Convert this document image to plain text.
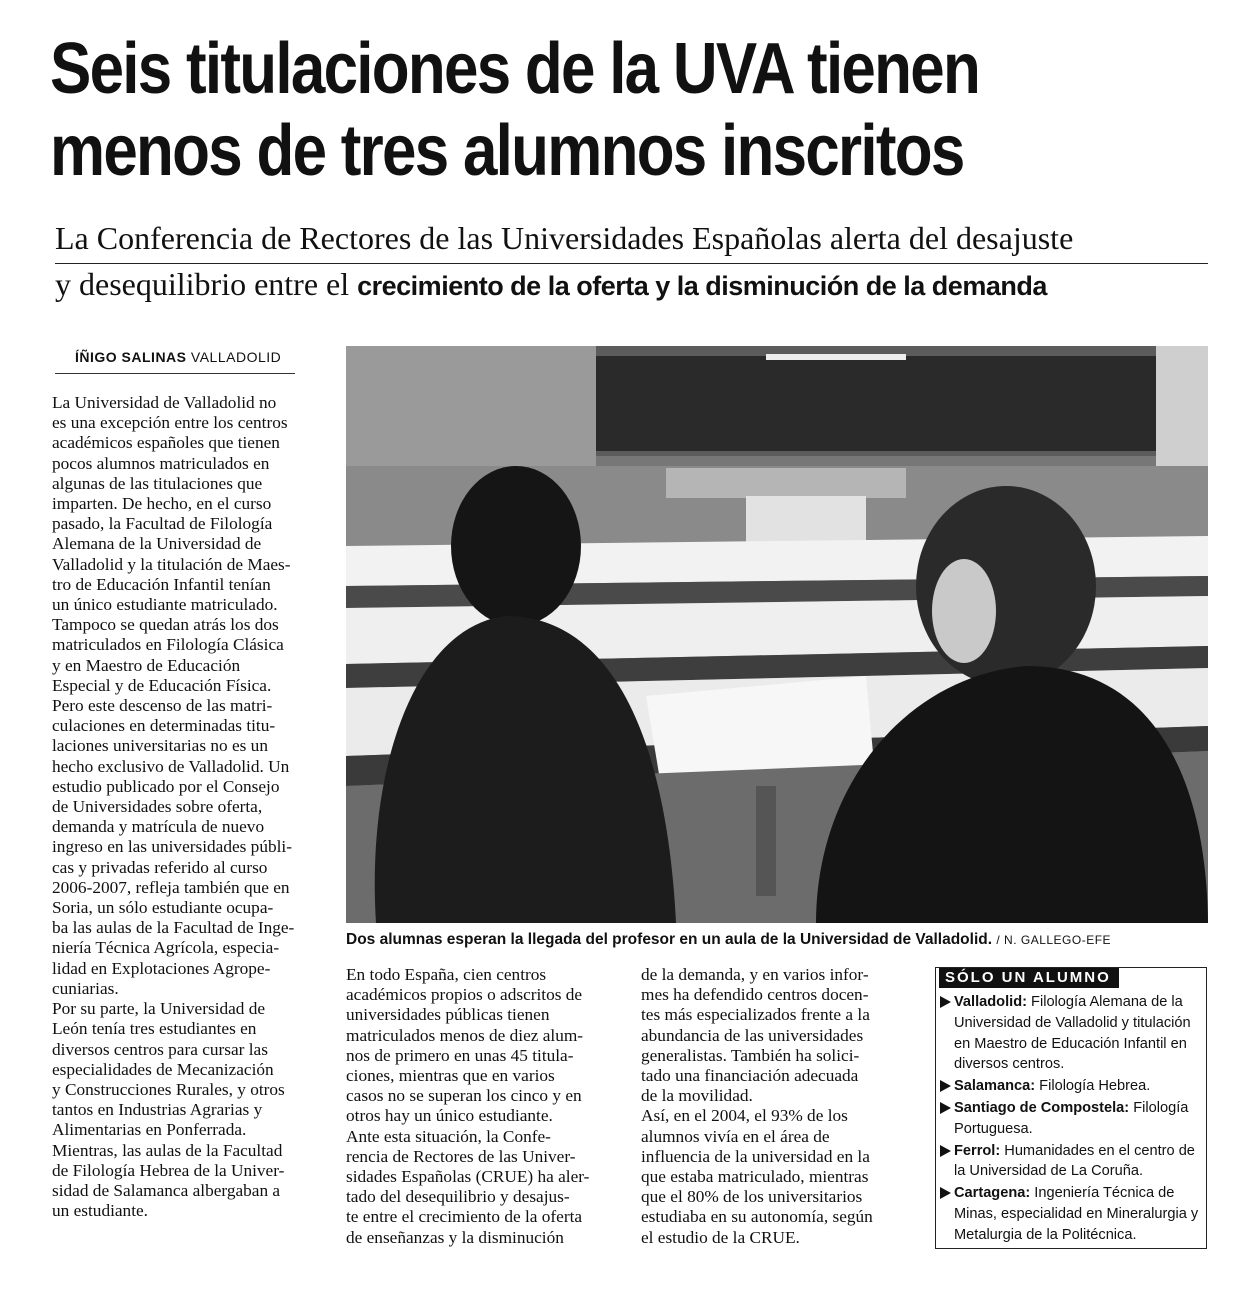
Seis titulaciones de la UVA tienen
menos de tres alumnos inscritos
La Conferencia de Rectores de las Universidades Españolas alerta del desajuste
y desequilibrio entre el crecimiento de la oferta y la disminución de la demanda
ÍÑIGO SALINAS VALLADOLID
La Universidad de Valladolid no
es una excepción entre los centros
académicos españoles que tienen
pocos alumnos matriculados en
algunas de las titulaciones que
imparten. De hecho, en el curso
pasado, la Facultad de Filología
Alemana de la Universidad de
Valladolid y la titulación de Maes-
tro de Educación Infantil tenían
un único estudiante matriculado.
Tampoco se quedan atrás los dos
matriculados en Filología Clásica
y en Maestro de Educación
Especial y de Educación Física.
Pero este descenso de las matri-
culaciones en determinadas titu-
laciones universitarias no es un
hecho exclusivo de Valladolid. Un
estudio publicado por el Consejo
de Universidades sobre oferta,
demanda y matrícula de nuevo
ingreso en las universidades públi-
cas y privadas referido al curso
2006-2007, refleja también que en
Soria, un sólo estudiante ocupa-
ba las aulas de la Facultad de Inge-
niería Técnica Agrícola, especia-
lidad en Explotaciones Agrope-
cuniarias.
Por su parte, la Universidad de
León tenía tres estudiantes en
diversos centros para cursar las
especialidades de Mecanización
y Construcciones Rurales, y otros
tantos en Industrias Agrarias y
Alimentarias en Ponferrada.
Mientras, las aulas de la Facultad
de Filología Hebrea de la Univer-
sidad de Salamanca albergaban a
un estudiante.
En todo España, cien centros
académicos propios o adscritos de
universidades públicas tienen
matriculados menos de diez alum-
nos de primero en unas 45 titula-
ciones, mientras que en varios
casos no se superan los cinco y en
otros hay un único estudiante.
Ante esta situación, la Confe-
rencia de Rectores de las Univer-
sidades Españolas (CRUE) ha aler-
tado del desequilibrio y desajus-
te entre el crecimiento de la oferta
de enseñanzas y la disminución
de la demanda, y en varios infor-
mes ha defendido centros docen-
tes más especializados frente a la
abundancia de las universidades
generalistas. También ha solici-
tado una financiación adecuada
de la movilidad.
Así, en el 2004, el 93% de los
alumnos vivía en el área de
influencia de la universidad en la
que estaba matriculado, mientras
que el 80% de los universitarios
estudiaba en su autonomía, según
el estudio de la CRUE.
Dos alumnas esperan la llegada del profesor en un aula de la Universidad de Valladolid. / N. GALLEGO-EFE
SÓLO UN ALUMNO
Valladolid: Filología Alemana de la Universidad de Valladolid y titulación en Maestro de Educación Infantil en diversos centros.
Salamanca: Filología Hebrea.
Santiago de Compostela: Filología Portuguesa.
Ferrol: Humanidades en el centro de la Universidad de La Coruña.
Cartagena: Ingeniería Técnica de Minas, especialidad en Mineralurgia y Metalurgia de la Politécnica.
